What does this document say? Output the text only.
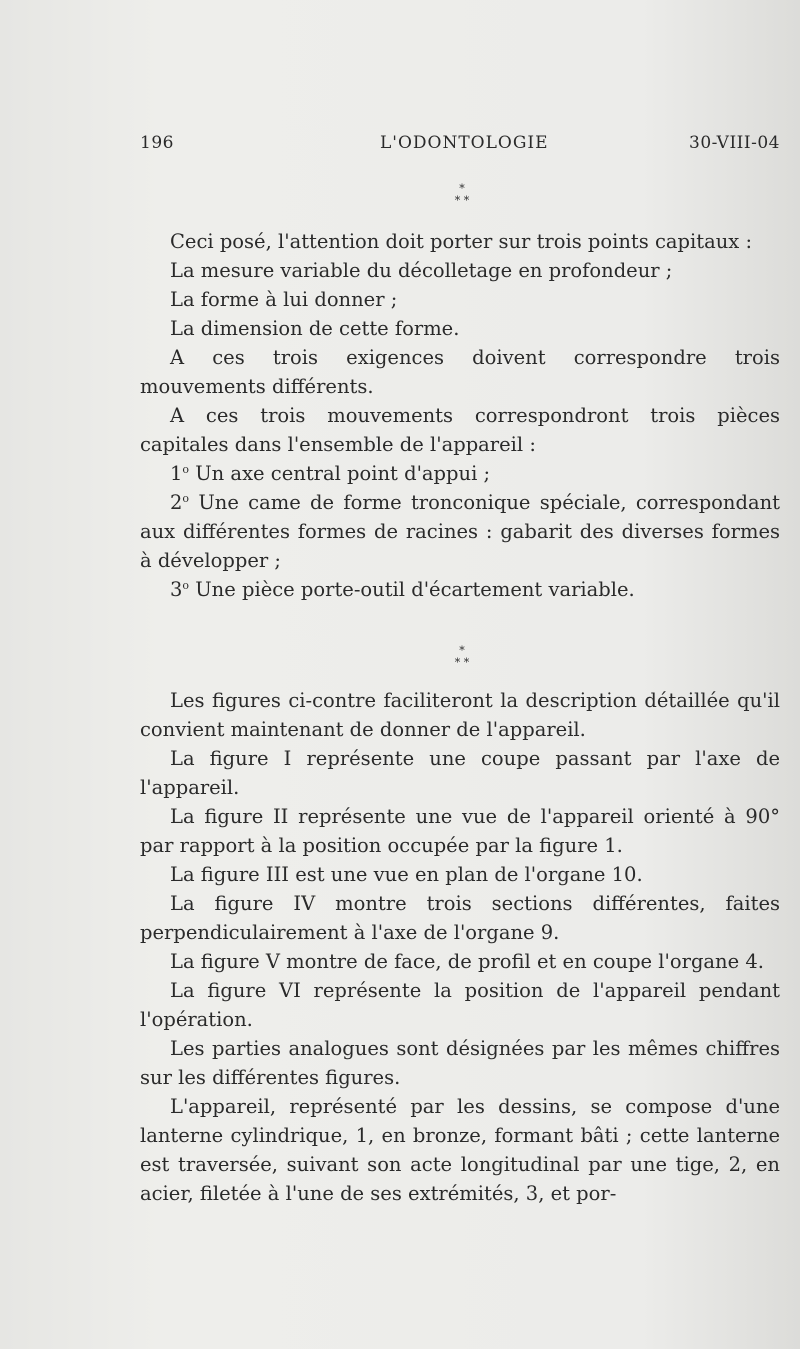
196	L'ODONTOLOGIE	30-VIII-04
*
* *

Ceci posé, l'attention doit porter sur trois points capitaux :

La mesure variable du décolletage en profondeur ;

La forme à lui donner ;

La dimension de cette forme.

A ces trois exigences doivent correspondre trois mouvements différents.

A ces trois mouvements correspondront trois pièces capitales dans l'ensemble de l'appareil :

1$^o$ Un axe central point d'appui ;

2$^o$ Une came de forme tronconique spéciale, correspondant aux différentes formes de racines : gabarit des diverses formes à développer ;

3$^o$ Une pièce porte-outil d'écartement variable.

*
* *

Les figures ci-contre faciliteront la description détaillée qu'il convient maintenant de donner de l'appareil.

La figure I représente une coupe passant par l'axe de l'appareil.

La figure II représente une vue de l'appareil orienté à 90° par rapport à la position occupée par la figure 1.

La figure III est une vue en plan de l'organe 10.

La figure IV montre trois sections différentes, faites perpendiculairement à l'axe de l'organe 9.

La figure V montre de face, de profil et en coupe l'organe 4.

La figure VI représente la position de l'appareil pendant l'opération.

Les parties analogues sont désignées par les mêmes chiffres sur les différentes figures.

L'appareil, représenté par les dessins, se compose d'une lanterne cylindrique, 1, en bronze, formant bâti ; cette lanterne est traversée, suivant son acte longitudinal par une tige, 2, en acier, filetée à l'une de ses extrémités, 3, et por-
